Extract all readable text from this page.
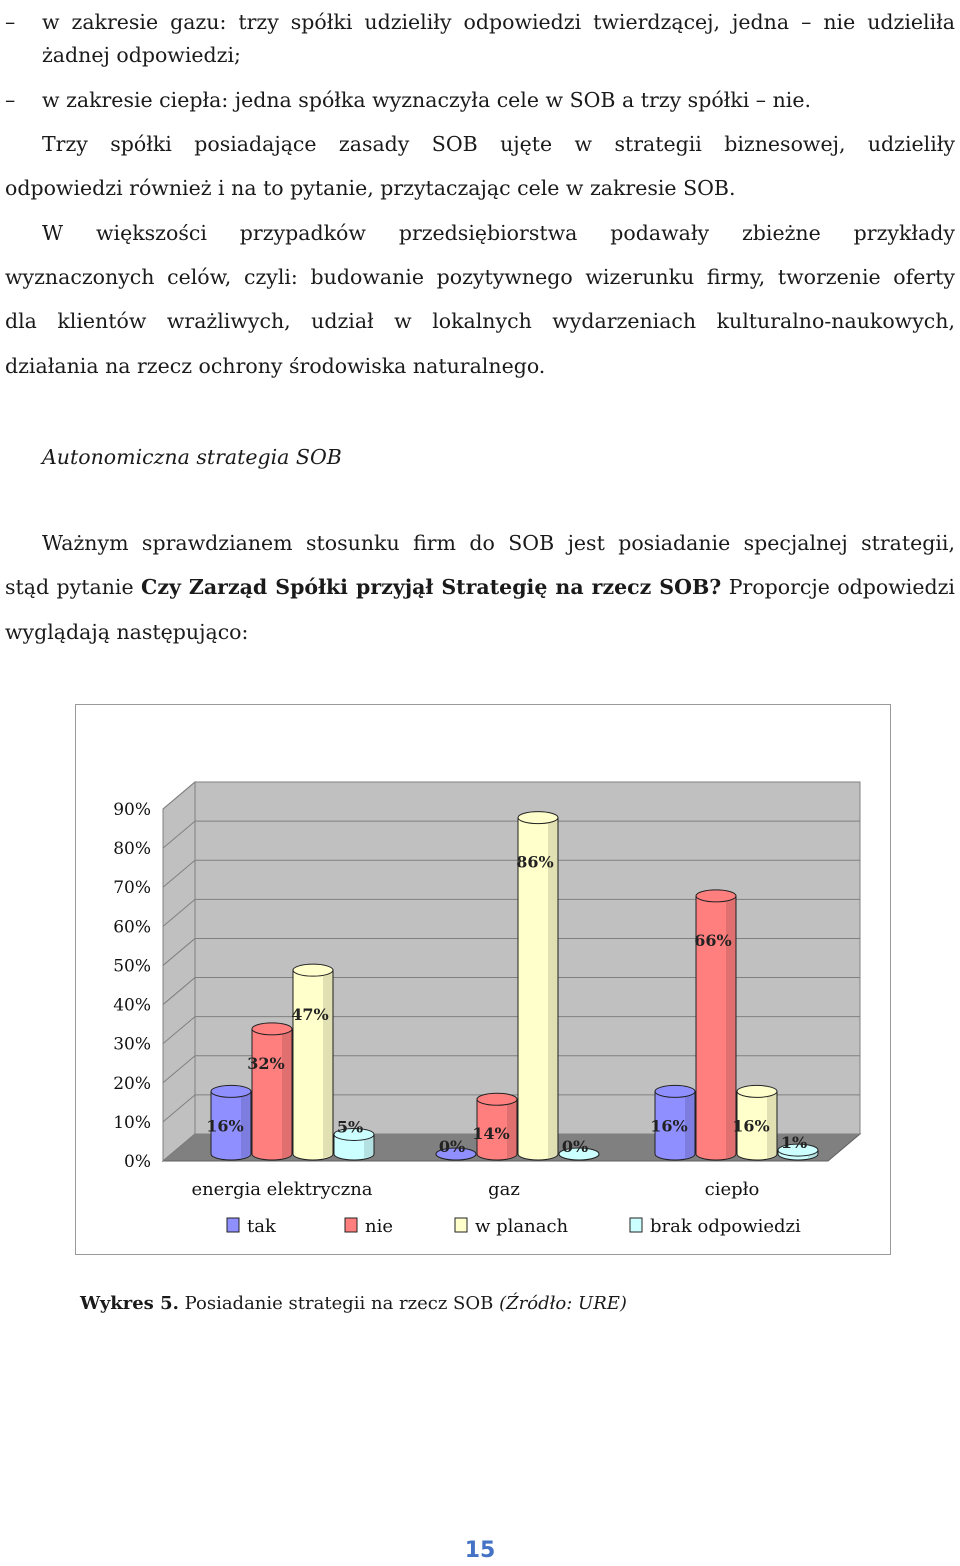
– w zakresie gazu: trzy spółki udzieliły odpowiedzi twierdzącej, jedna – nie udzieliła
żadnej odpowiedzi;
– w zakresie ciepła: jedna spółka wyznaczyła cele w SOB a trzy spółki – nie.
Trzy spółki posiadające zasady SOB ujęte w strategii biznesowej, udzieliły
odpowiedzi również i na to pytanie, przytaczając cele w zakresie SOB.
W większości przypadków przedsiębiorstwa podawały zbieżne przykłady
wyznaczonych celów, czyli: budowanie pozytywnego wizerunku firmy, tworzenie oferty
dla klientów wrażliwych, udział w lokalnych wydarzeniach kulturalno-naukowych,
działania na rzecz ochrony środowiska naturalnego.
Autonomiczna strategia SOB
Ważnym sprawdzianem stosunku firm do SOB jest posiadanie specjalnej strategii,
stąd pytanie Czy Zarząd Spółki przyjął Strategię na rzecz SOB? Proporcje odpowiedzi
wyglądają następująco:
0%
10%
20%
30%
40%
50%
60%
70%
80%
90%
16%
32%
47%
5%
energia elektryczna
0%
14%
86%
0%
gaz
16%
66%
16%
1%
ciepło
tak	nie	w planach	brak odpowiedzi
Wykres 5. Posiadanie strategii na rzecz SOB (Źródło: URE)
15
